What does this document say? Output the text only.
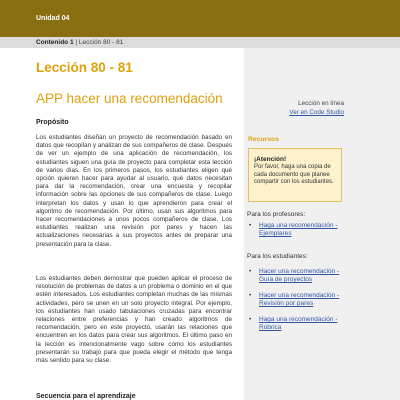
Unidad 04
Contenido 1 | Lección 80 - 81
Lección 80 - 81
APP hacer una recomendación	Lección en línea
Ver en Code Studio
Propósito

Los estudiantes diseñan un proyecto de recomendación basado en datos que recopilan y analizan de sus compañeros de clase. Después de ver un ejemplo de una aplicación de recomendación, los estudiantes siguen una guía de proyecto para completar esta lección de varios días. En los primeros pasos, los estudiantes eligen qué opción quieren hacer para ayudar al usuario, qué datos necesitan para dar la recomendación, crear una encuesta y recopilar información sobre las opciones de sus compañeros de clase. Luego interpretan los datos y usan lo que aprendieron para crear el algoritmo de recomendación. Por último, usan sus algoritmos para hacer recomendaciones a unos pocos compañeros de clase. Los estudiantes realizan una revisión por pares y hacen las actualizaciones necesarias a sus proyectos antes de preparar una presentación para la clase.

Los estudiantes deben demostrar que pueden aplicar el proceso de resolución de problemas de datos a un problema o dominio en el que estén interesados. Los estudiantes completan muchas de las mismas actividades, pero se unen en un solo proyecto integral. Por ejemplo, los estudiantes han usado tabulaciones cruzadas para encontrar relaciones entre preferencias y han creado algoritmos de recomendación, pero en este proyecto, usarán las relaciones que encuentren en los datos para crear sus algoritmos. El último paso en la lección es intencionalmente vago sobre cómo los estudiantes presentarán su trabajo para que pueda elegir el método que tenga más sentido para su clase.

Secuencia para el aprendizaje
Recursos
¡Atención!
Por favor, haga una copia de cada documento que planee compartir con los estudiantes.
Para los profesores:
• Haga una recomendación - Ejemplares
Para los estudiantes:
• Hacer una recomendación - Guía de proyectos
• Hacer una recomendación - Revisión por pares
• Haga una recomendación - Rúbrica
